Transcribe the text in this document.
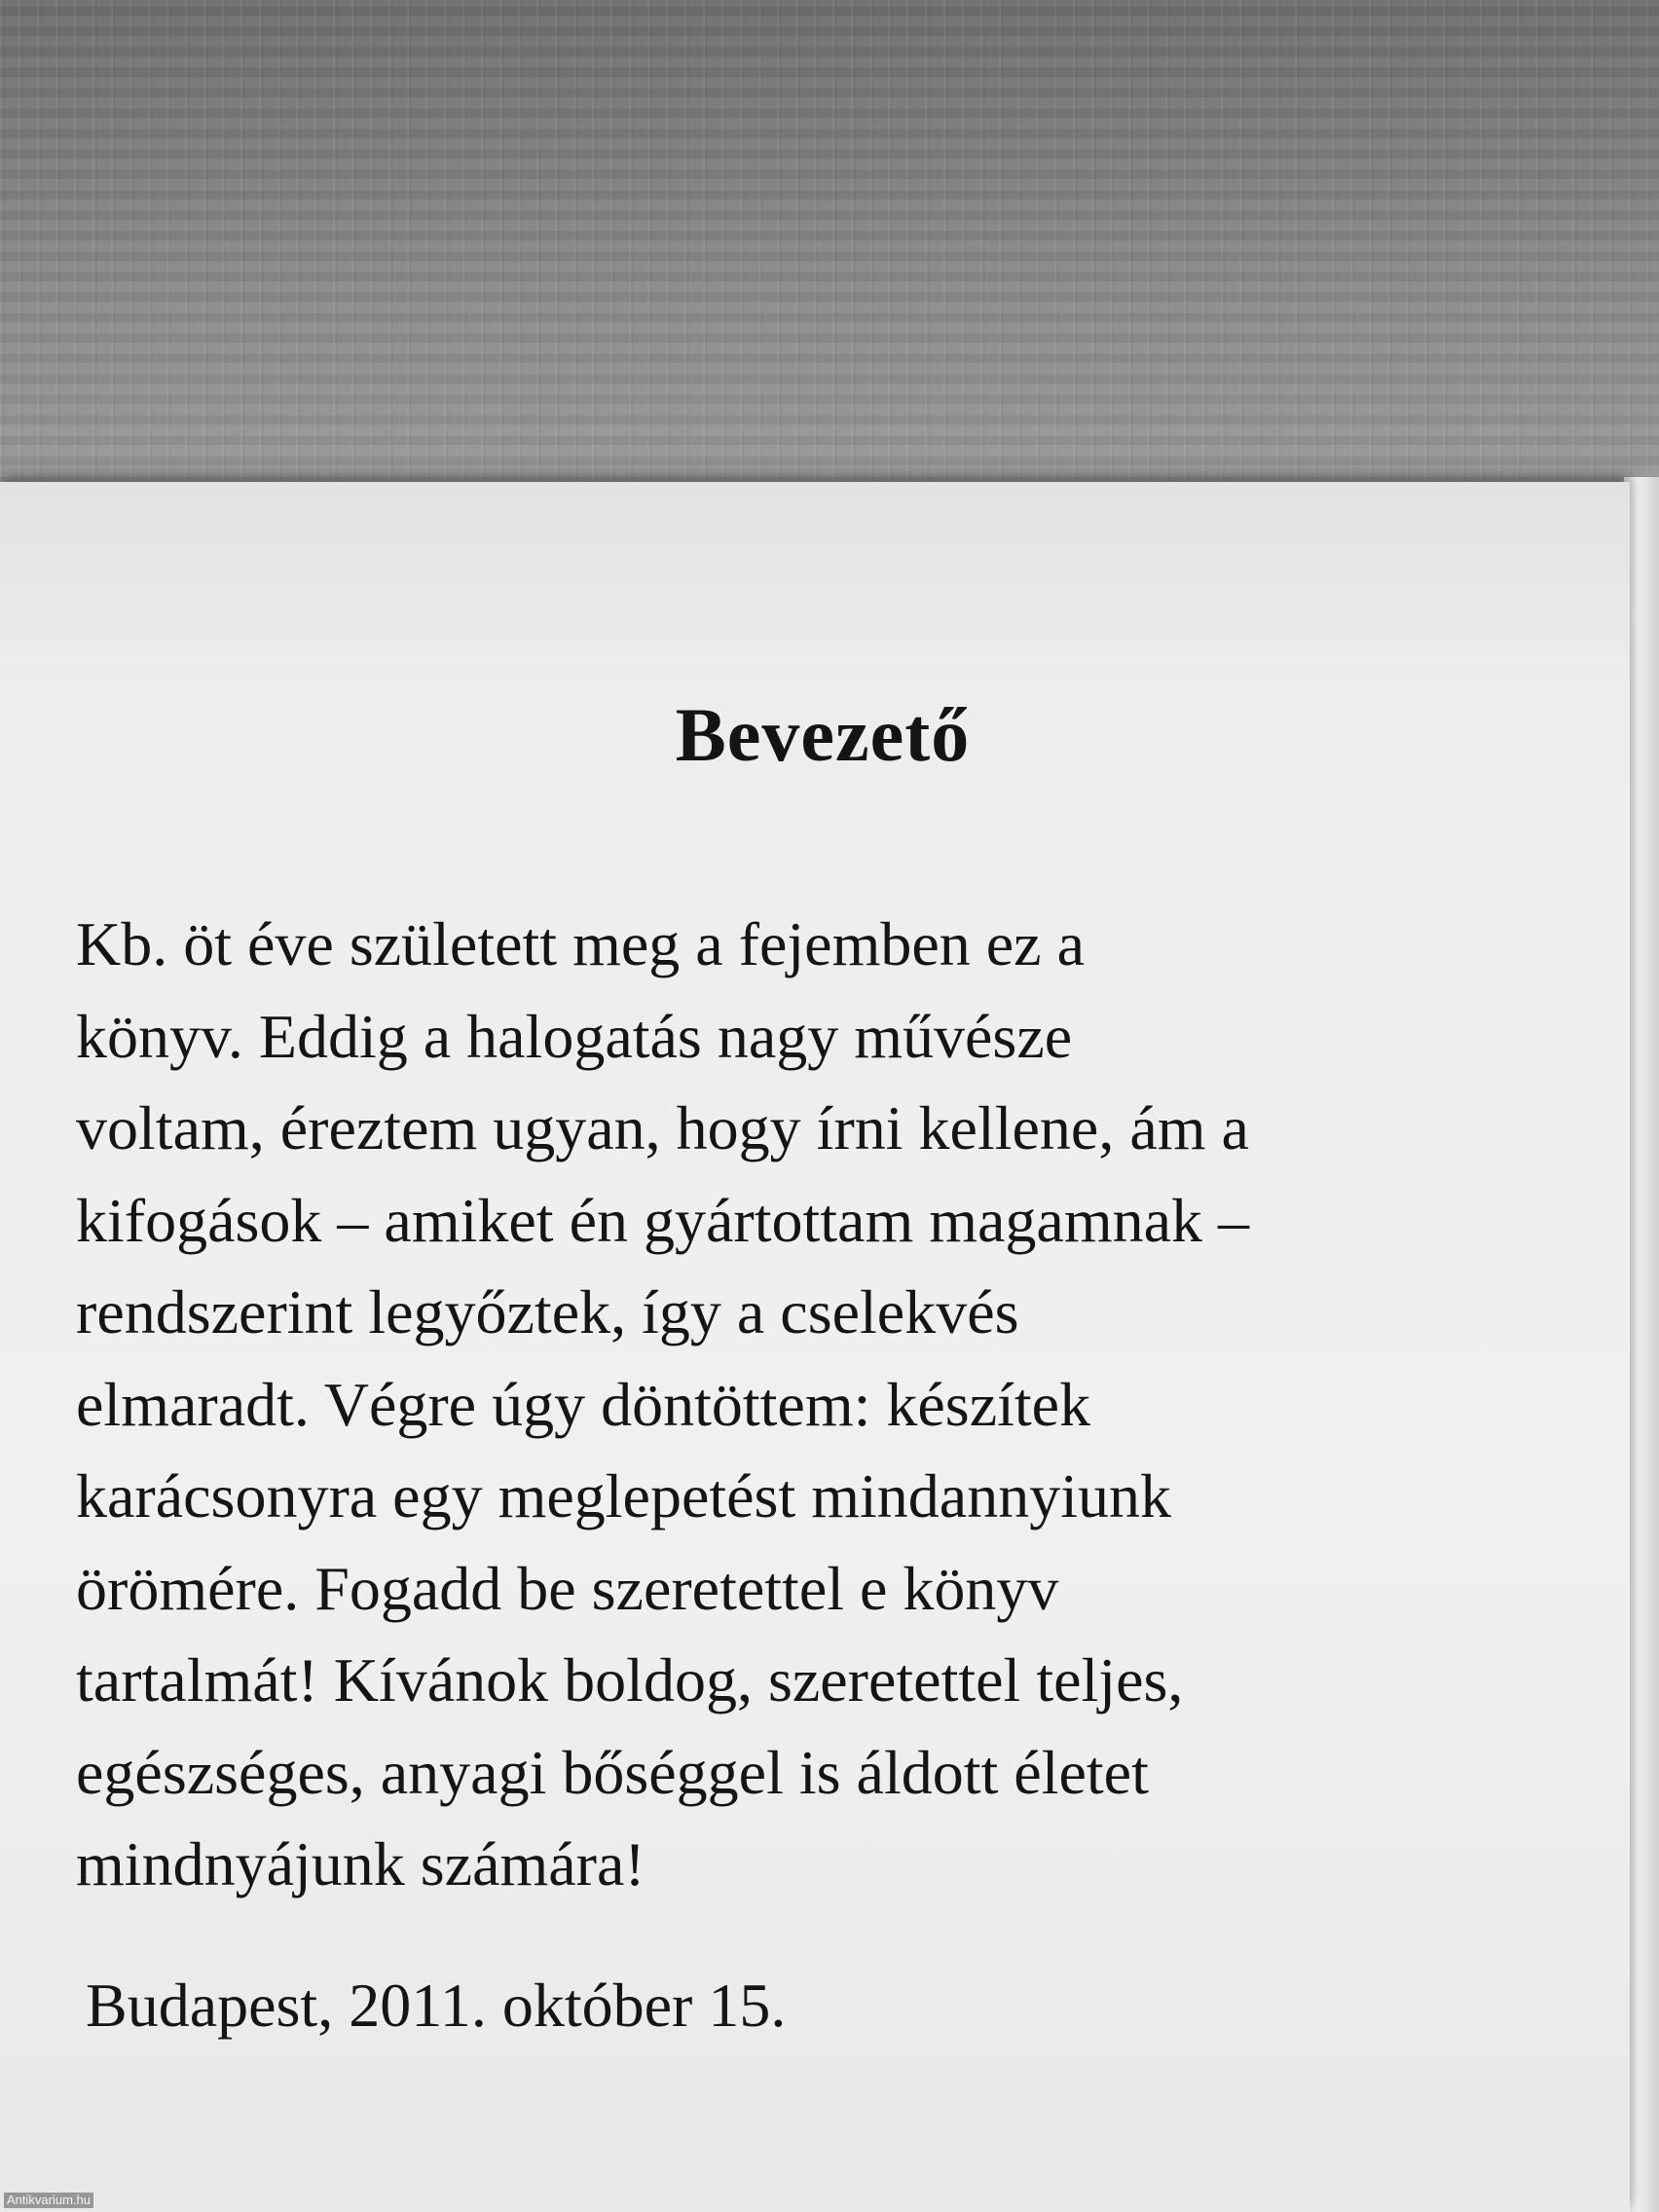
Bevezető
Kb. öt éve született meg a fejemben ez a
könyv. Eddig a halogatás nagy művésze
voltam, éreztem ugyan, hogy írni kellene, ám a
kifogások – amiket én gyártottam magamnak –
rendszerint legyőztek, így a cselekvés
elmaradt. Végre úgy döntöttem: készítek
karácsonyra egy meglepetést mindannyiunk
örömére. Fogadd be szeretettel e könyv
tartalmát! Kívánok boldog, szeretettel teljes,
egészséges, anyagi bőséggel is áldott életet
mindnyájunk számára!

Budapest, 2011. október 15.

Antikvarium.hu
